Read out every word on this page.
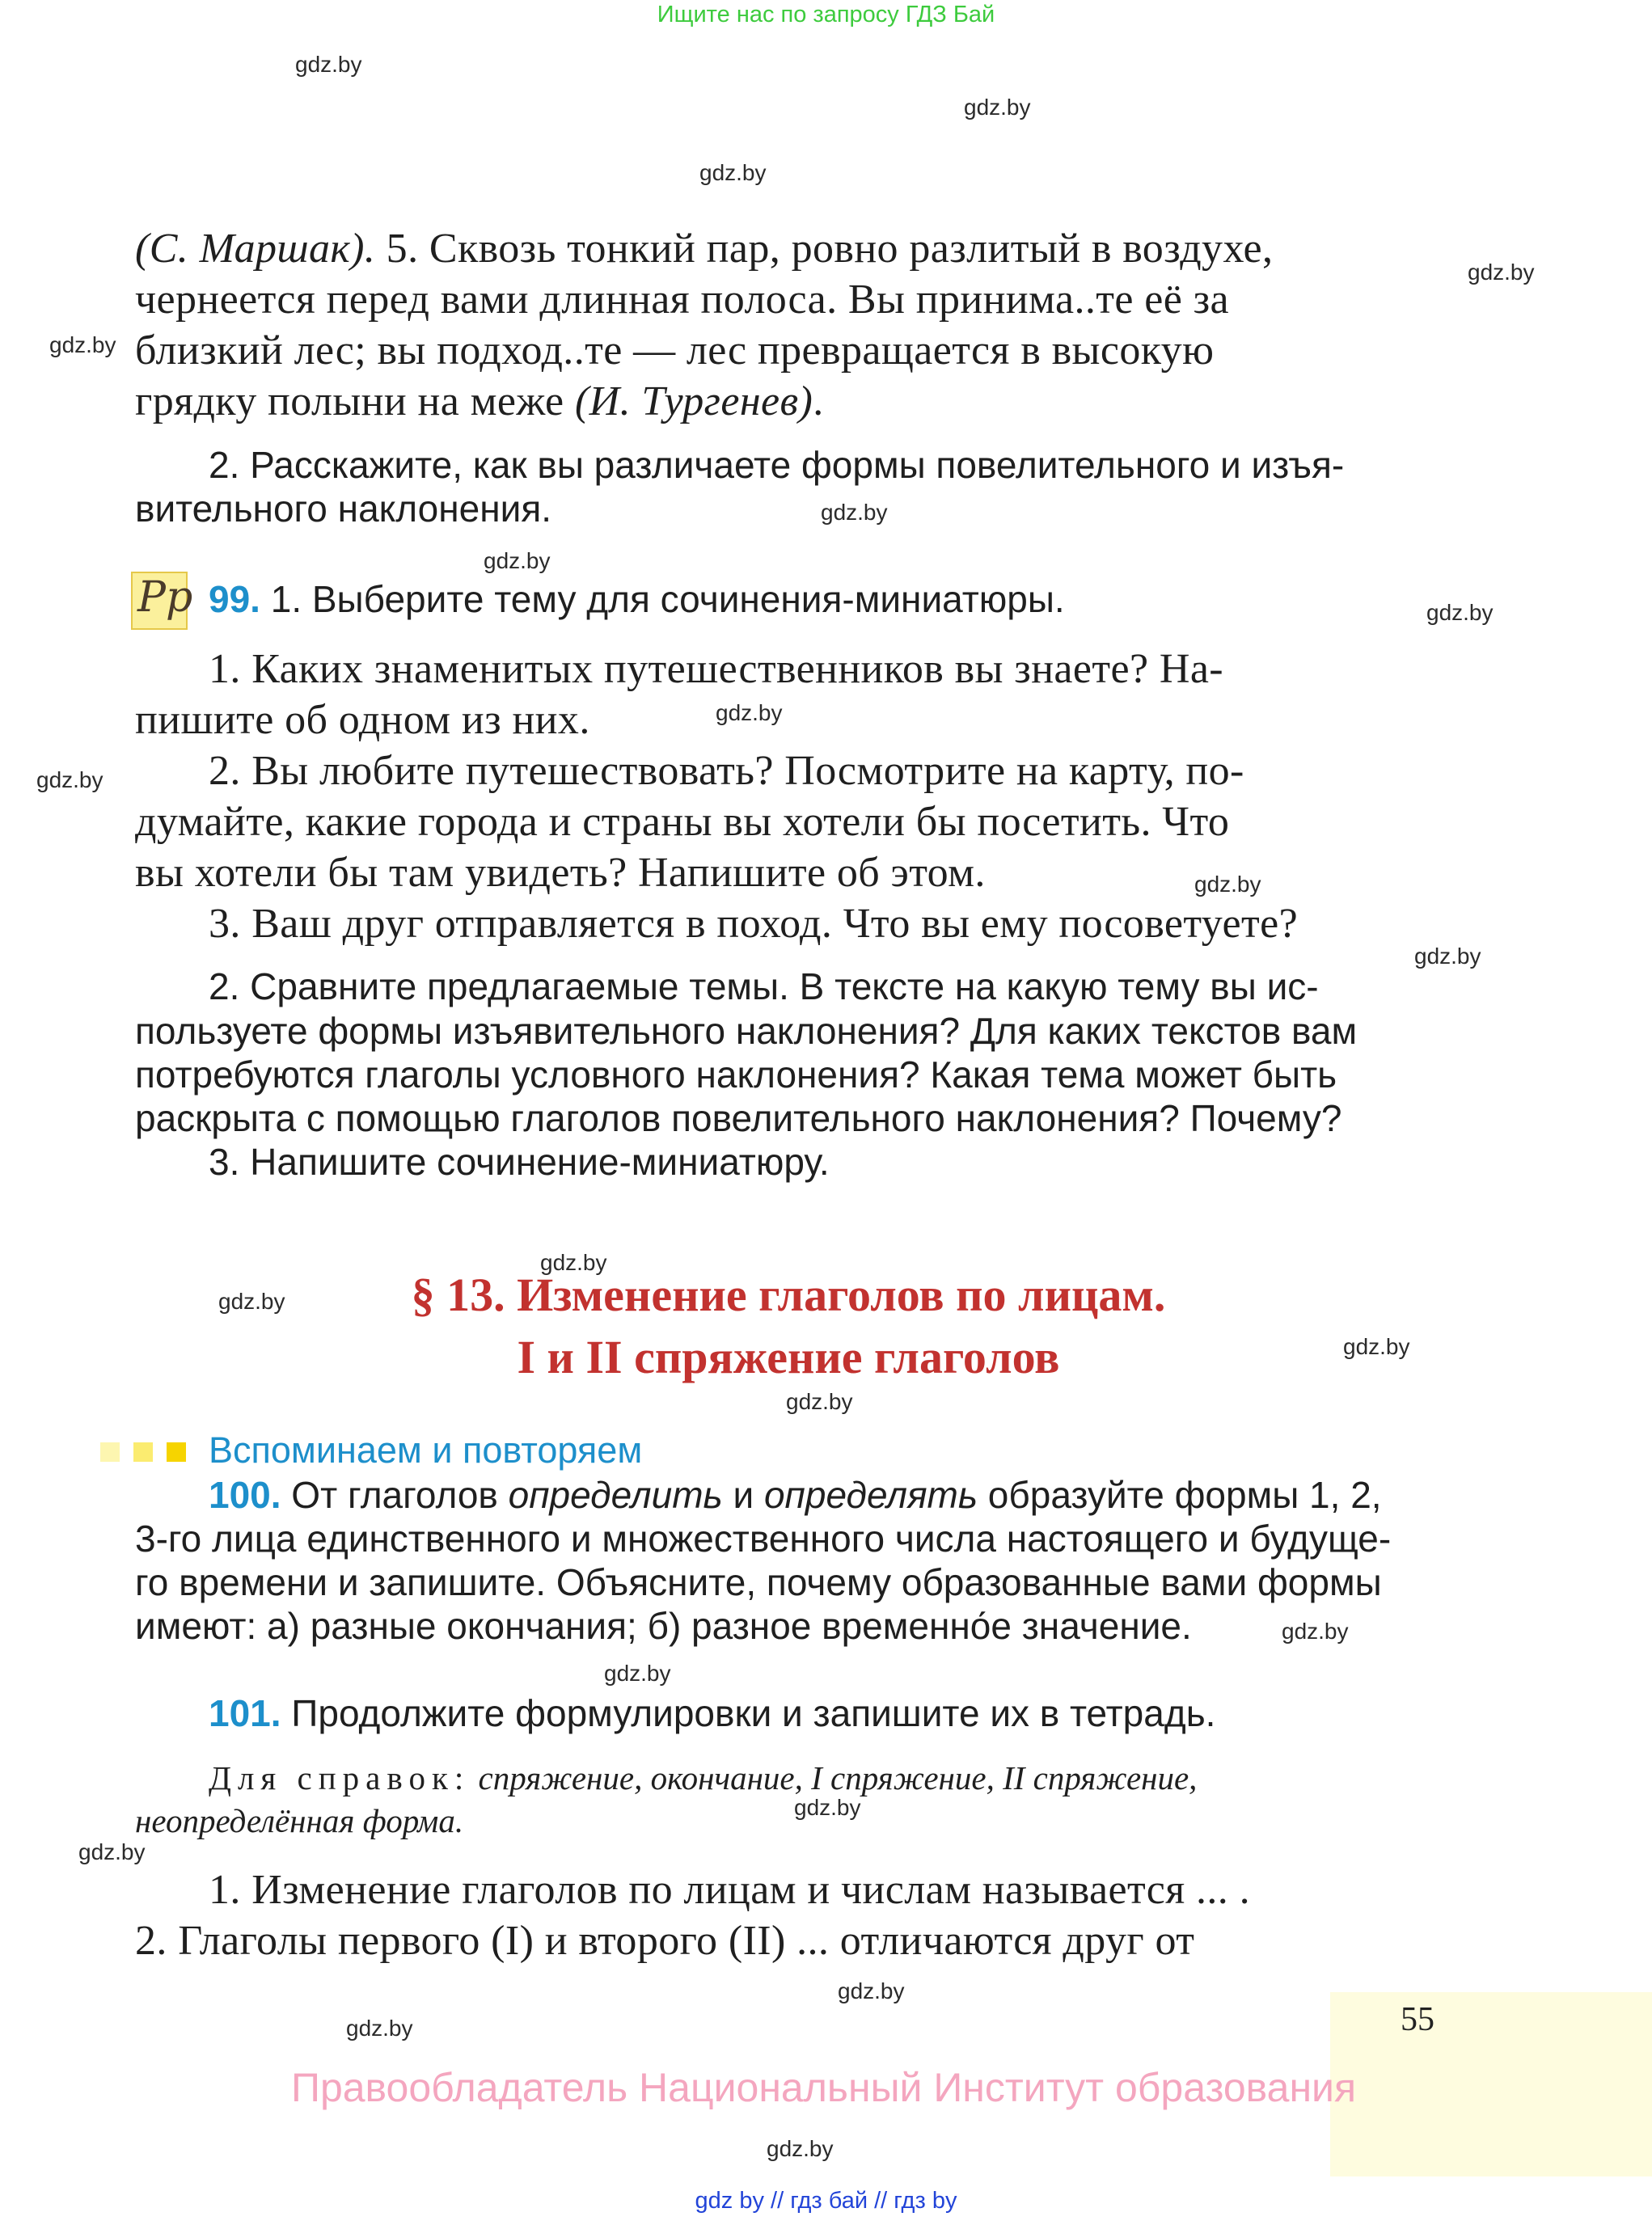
Ищите нас по запросу ГДЗ Бай
gdz.by
gdz.by
gdz.by
gdz.by
gdz.by
gdz.by
gdz.by
gdz.by
gdz.by
gdz.by
gdz.by
gdz.by
gdz.by
gdz.by
gdz.by
gdz.by
gdz.by
gdz.by
gdz.by
gdz.by
gdz.by
gdz.by
gdz.by
(С. Маршак). 5. Сквозь тонкий пар, ровно разлитый в воздухе,
чернеется перед вами длинная полоса. Вы принима..те её за
близкий лес; вы подход..те — лес превращается в высокую
грядку полыни на меже (И. Тургенев).
2. Расскажите, как вы различаете формы повелительного и изъя-
вительного наклонения.
Рр 99. 1. Выберите тему для сочинения-миниатюры.
1. Каких знаменитых путешественников вы знаете? На-
пишите об одном из них.
2. Вы любите путешествовать? Посмотрите на карту, по-
думайте, какие города и страны вы хотели бы посетить. Что
вы хотели бы там увидеть? Напишите об этом.
3. Ваш друг отправляется в поход. Что вы ему посоветуете?
2. Сравните предлагаемые темы. В тексте на какую тему вы ис-
пользуете формы изъявительного наклонения? Для каких текстов вам
потребуются глаголы условного наклонения? Какая тема может быть
раскрыта с помощью глаголов повелительного наклонения? Почему?
3. Напишите сочинение-миниатюру.
§ 13. Изменение глаголов по лицам.
I и II спряжение глаголов
Вспоминаем и повторяем
100. От глаголов определить и определять образуйте формы 1, 2,
3-го лица единственного и множественного числа настоящего и будуще-
го времени и запишите. Объясните, почему образованные вами формы
имеют: а) разные окончания; б) разное временно́е значение.
101. Продолжите формулировки и запишите их в тетрадь.
Для справок: спряжение, окончание, I спряжение, II спряжение,
неопределённая форма.
1. Изменение глаголов по лицам и числам называется ... .
2. Глаголы первого (I) и второго (II) ... отличаются друг от
55
Правообладатель Национальный Институт образования
gdz by // гдз бай // гдз by
